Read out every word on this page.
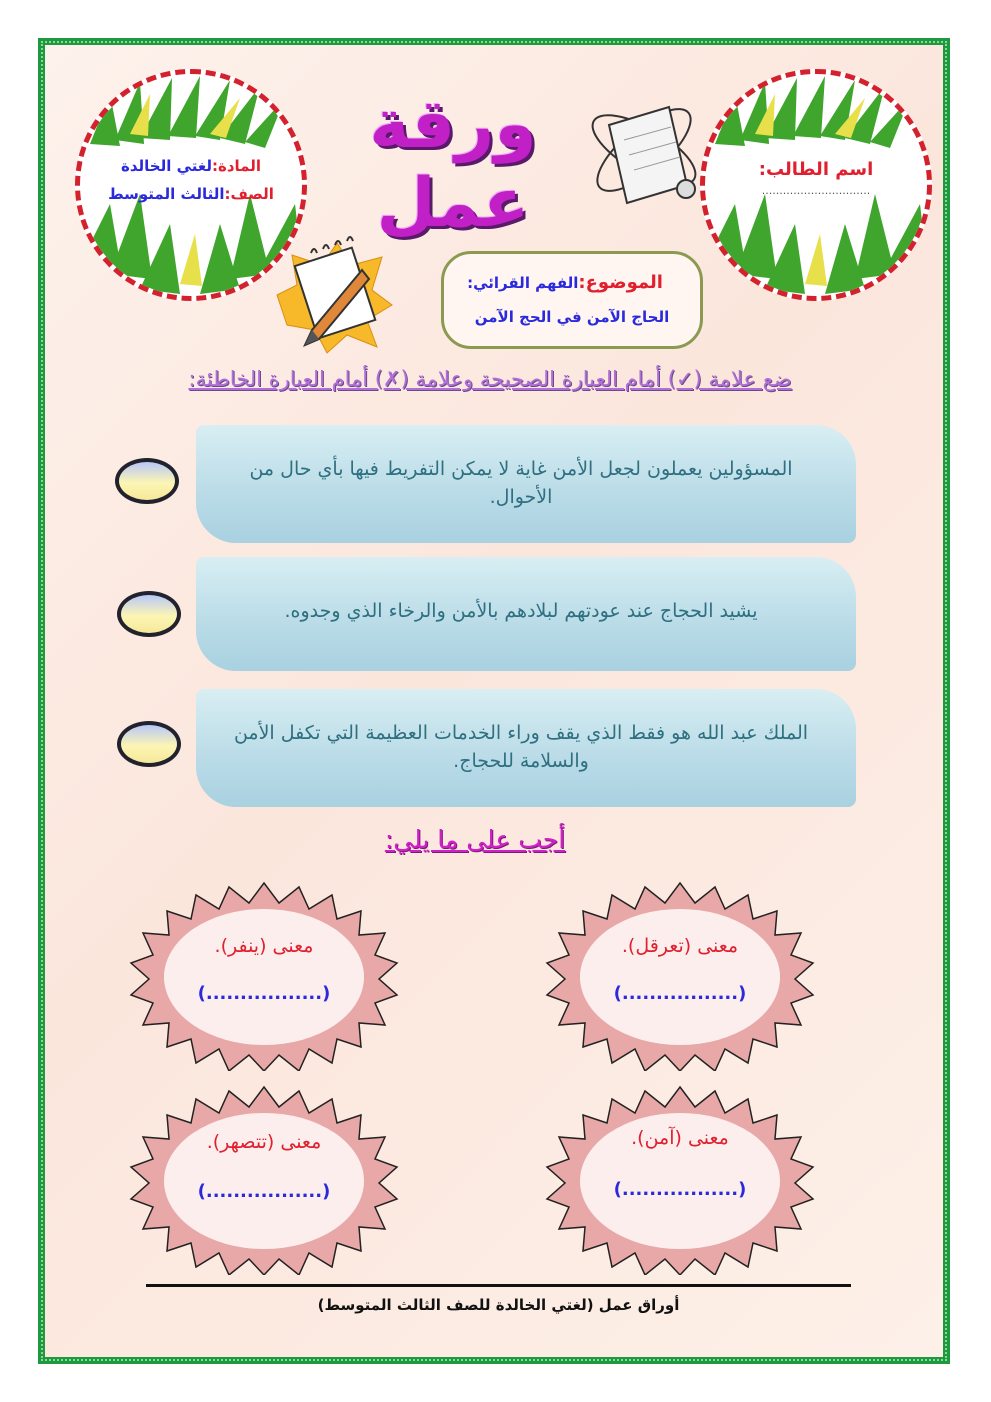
المادة:لغتي الخالدة
الصف:الثالث المتوسط
ورقة عمل	اسم الطالب:
...............................
الموضوع:الفهم القرائي:
الحاج الآمن في الحج الآمن
ضع علامة (✓) أمام العبارة الصحيحة وعلامة (✗) أمام العبارة الخاطئة:
المسؤولين يعملون لجعل الأمن غاية لا يمكن التفريط فيها بأي حال من
الأحوال.
يشيد الحجاج عند عودتهم لبلادهم بالأمن والرخاء الذي وجدوه.
الملك عبد الله هو فقط الذي يقف وراء الخدمات العظيمة التي تكفل الأمن
والسلامة للحجاج.
أجب على ما يلي:
معنى (تعرقل).
(.................)
معنى (ينفر).
(.................)
معنى (آمن).
(.................)
معنى (تتصهر).
(.................)
أوراق عمل (لغتي الخالدة للصف الثالث المتوسط)
